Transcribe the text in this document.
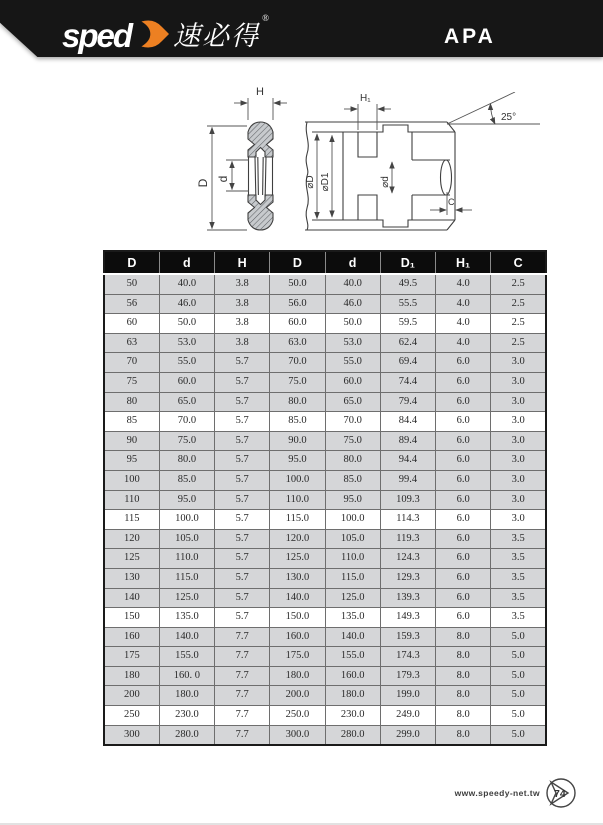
sped 速必得®
APA
H
D d
H₁
25°
⌀D ⌀D1	⌀d
C
D	d	H	D	d	D₁	H₁	C
50	40.0	3.8	50.0	40.0	49.5	4.0	2.5
56	46.0	3.8	56.0	46.0	55.5	4.0	2.5
60	50.0	3.8	60.0	50.0	59.5	4.0	2.5
63	53.0	3.8	63.0	53.0	62.4	4.0	2.5
70	55.0	5.7	70.0	55.0	69.4	6.0	3.0
75	60.0	5.7	75.0	60.0	74.4	6.0	3.0
80	65.0	5.7	80.0	65.0	79.4	6.0	3.0
85	70.0	5.7	85.0	70.0	84.4	6.0	3.0
90	75.0	5.7	90.0	75.0	89.4	6.0	3.0
95	80.0	5.7	95.0	80.0	94.4	6.0	3.0
100	85.0	5.7	100.0	85.0	99.4	6.0	3.0
110	95.0	5.7	110.0	95.0	109.3	6.0	3.0
115	100.0	5.7	115.0	100.0	114.3	6.0	3.0
120	105.0	5.7	120.0	105.0	119.3	6.0	3.5
125	110.0	5.7	125.0	110.0	124.3	6.0	3.5
130	115.0	5.7	130.0	115.0	129.3	6.0	3.5
140	125.0	5.7	140.0	125.0	139.3	6.0	3.5
150	135.0	5.7	150.0	135.0	149.3	6.0	3.5
160	140.0	7.7	160.0	140.0	159.3	8.0	5.0
175	155.0	7.7	175.0	155.0	174.3	8.0	5.0
180	160. 0	7.7	180.0	160.0	179.3	8.0	5.0
200	180.0	7.7	200.0	180.0	199.0	8.0	5.0
250	230.0	7.7	250.0	230.0	249.0	8.0	5.0
300	280.0	7.7	300.0	280.0	299.0	8.0	5.0
www.speedy-net.tw 74
